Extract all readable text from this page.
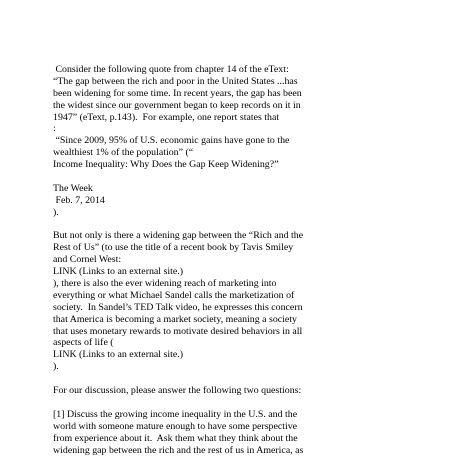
Consider the following quote from chapter 14 of the eText:
“The gap between the rich and poor in the United States ...has
been widening for some time. In recent years, the gap has been
the widest since our government began to keep records on it in
1947” (eText, p.143).  For example, one report states that
:
“Since 2009, 95% of U.S. economic gains have gone to the
wealthiest 1% of the population” (“
Income Inequality: Why Does the Gap Keep Widening?”
The Week
Feb. 7, 2014
).
But not only is there a widening gap between the “Rich and the
Rest of Us” (to use the title of a recent book by Tavis Smiley
and Cornel West:
LINK (Links to an external site.)
), there is also the ever widening reach of marketing into
everything or what Michael Sandel calls the marketization of
society.  In Sandel’s TED Talk video, he expresses this concern
that America is becoming a market society, meaning a society
that uses monetary rewards to motivate desired behaviors in all
aspects of life (
LINK (Links to an external site.)
).
For our discussion, please answer the following two questions:
[1] Discuss the growing income inequality in the U.S. and the
world with someone mature enough to have some perspective
from experience about it.  Ask them what they think about the
widening gap between the rich and the rest of us in America, as
